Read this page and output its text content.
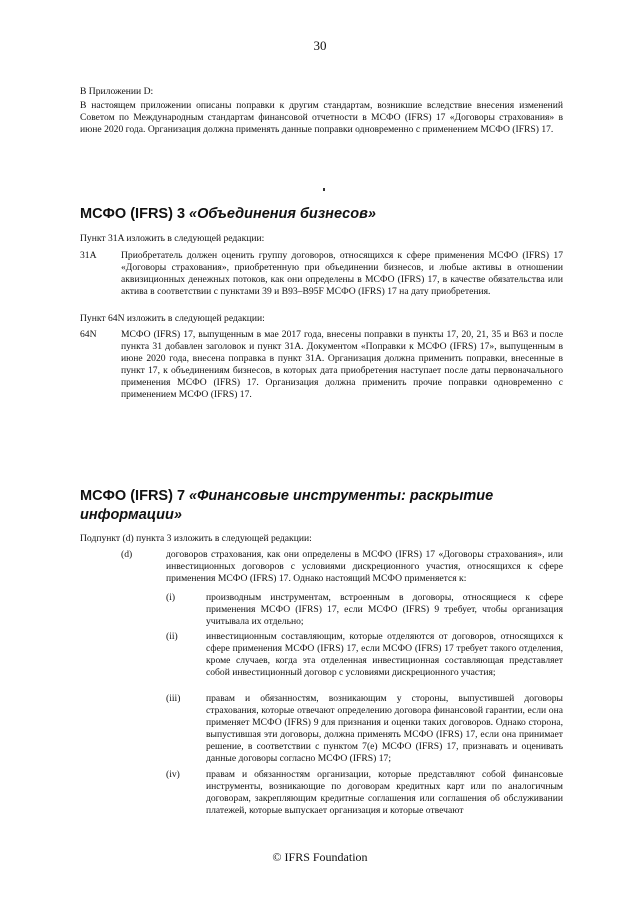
30
В Приложении D:
В настоящем приложении описаны поправки к другим стандартам, возникшие вследствие внесения изменений Советом по Международным стандартам финансовой отчетности в МСФО (IFRS) 17 «Договоры страхования» в июне 2020 года. Организация должна применять данные поправки одновременно с применением МСФО (IFRS) 17.
МСФО (IFRS) 3 «Объединения бизнесов»
Пункт 31A изложить в следующей редакции:
31A	Приобретатель должен оценить группу договоров, относящихся к сфере применения МСФО (IFRS) 17 «Договоры страхования», приобретенную при объединении бизнесов, и любые активы в отношении аквизиционных денежных потоков, как они определены в МСФО (IFRS) 17, в качестве обязательства или актива в соответствии с пунктами 39 и B93–B95F МСФО (IFRS) 17 на дату приобретения.
Пункт 64N изложить в следующей редакции:
64N	МСФО (IFRS) 17, выпущенным в мае 2017 года, внесены поправки в пункты 17, 20, 21, 35 и B63 и после пункта 31 добавлен заголовок и пункт 31A. Документом «Поправки к МСФО (IFRS) 17», выпущенным в июне 2020 года, внесена поправка в пункт 31A. Организация должна применить поправки, внесенные в пункт 17, к объединениям бизнесов, в которых дата приобретения наступает после даты первоначального применения МСФО (IFRS) 17. Организация должна применить прочие поправки одновременно с применением МСФО (IFRS) 17.
МСФО (IFRS) 7 «Финансовые инструменты: раскрытие
информации»
Подпункт (d) пункта 3 изложить в следующей редакции:
(d)	договоров страхования, как они определены в МСФО (IFRS) 17 «Договоры страхования», или инвестиционных договоров с условиями дискреционного участия, относящихся к сфере применения МСФО (IFRS) 17. Однако настоящий МСФО применяется к:
(i)	производным инструментам, встроенным в договоры, относящиеся к сфере применения МСФО (IFRS) 17, если МСФО (IFRS) 9 требует, чтобы организация учитывала их отдельно;
(ii)	инвестиционным составляющим, которые отделяются от договоров, относящихся к сфере применения МСФО (IFRS) 17, если МСФО (IFRS) 17 требует такого отделения, кроме случаев, когда эта отделенная инвестиционная составляющая представляет собой инвестиционный договор с условиями дискреционного участия;
(iii)	правам и обязанностям, возникающим у стороны, выпустившей договоры страхования, которые отвечают определению договора финансовой гарантии, если она применяет МСФО (IFRS) 9 для признания и оценки таких договоров. Однако сторона, выпустившая эти договоры, должна применять МСФО (IFRS) 17, если она принимает решение, в соответствии с пунктом 7(e) МСФО (IFRS) 17, признавать и оценивать данные договоры согласно МСФО (IFRS) 17;
(iv)	правам и обязанностям организации, которые представляют собой финансовые инструменты, возникающие по договорам кредитных карт или по аналогичным договорам, закрепляющим кредитные соглашения или соглашения об обслуживании платежей, которые выпускает организация и которые отвечают
© IFRS Foundation
